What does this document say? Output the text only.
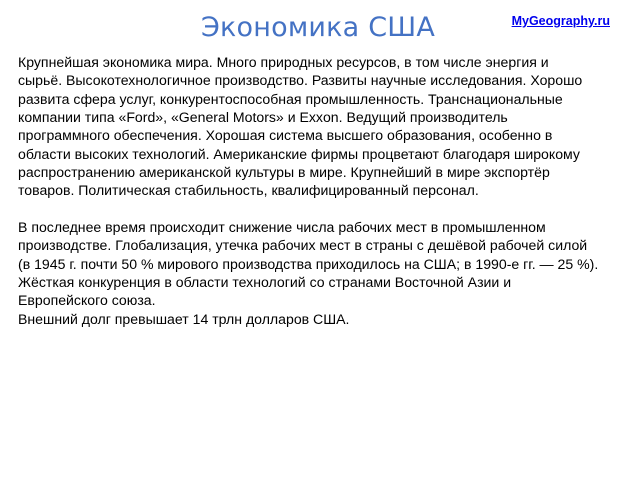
Экономика США	MyGeography.ru

Крупнейшая экономика мира. Много природных ресурсов, в том числе энергия и
сырьё. Высокотехнологичное производство. Развиты научные исследования. Хорошо
развита сфера услуг, конкурентоспособная промышленность. Транснациональные
компании типа «Ford», «General Motors» и Exxon. Ведущий производитель
программного обеспечения. Хорошая система высшего образования, особенно в
области высоких технологий. Американские фирмы процветают благодаря широкому
распространению американской культуры в мире. Крупнейший в мире экспортёр
товаров. Политическая стабильность, квалифицированный персонал.

В последнее время происходит снижение числа рабочих мест в промышленном
производстве. Глобализация, утечка рабочих мест в страны с дешёвой рабочей силой
(в 1945 г. почти 50 % мирового производства приходилось на США; в 1990-е гг. — 25 %).
Жёсткая конкуренция в области технологий со странами Восточной Азии и
Европейского союза.
Внешний долг превышает 14 трлн долларов США.
